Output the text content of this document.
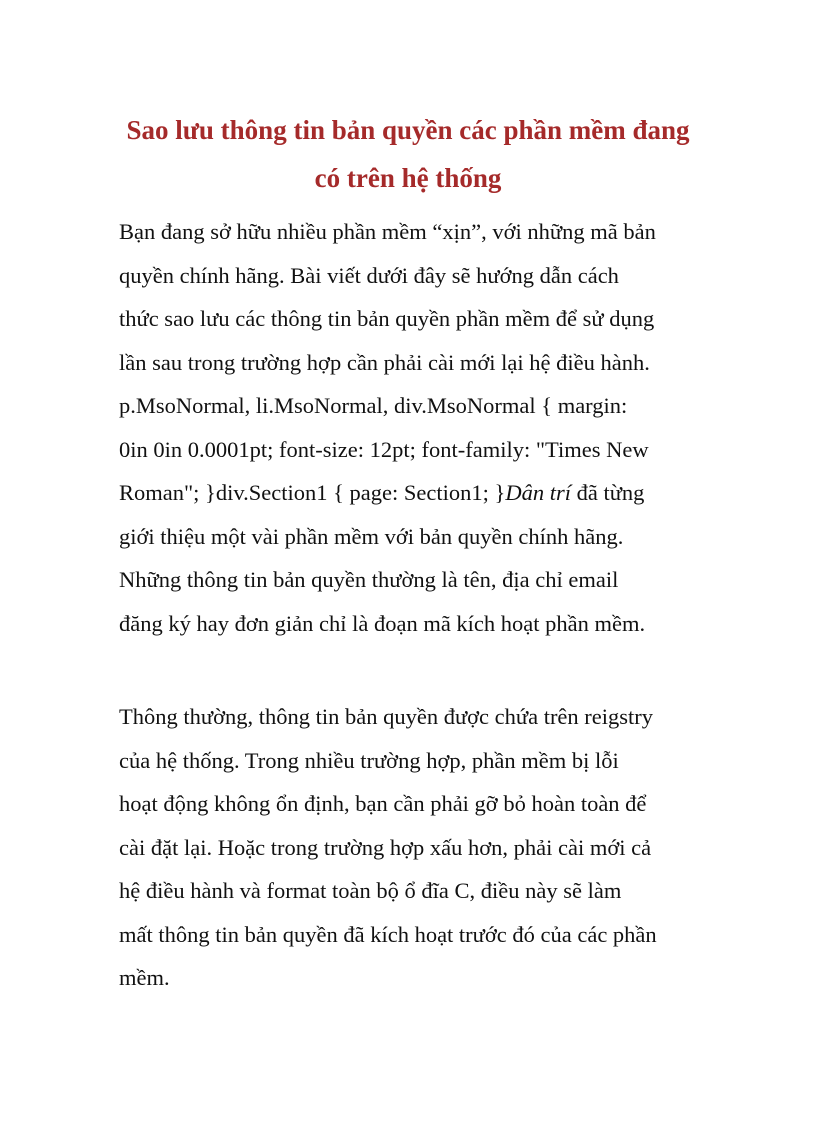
Sao lưu thông tin bản quyền các phần mềm đang
có trên hệ thống
Bạn đang sở hữu nhiều phần mềm “xịn”, với những mã bản
quyền chính hãng. Bài viết dưới đây sẽ hướng dẫn cách
thức sao lưu các thông tin bản quyền phần mềm để sử dụng
lần sau trong trường hợp cần phải cài mới lại hệ điều hành.
p.MsoNormal, li.MsoNormal, div.MsoNormal { margin:
0in 0in 0.0001pt; font-size: 12pt; font-family: "Times New
Roman"; }div.Section1 { page: Section1; }Dân trí đã từng
giới thiệu một vài phần mềm với bản quyền chính hãng.
Những thông tin bản quyền thường là tên, địa chỉ email
đăng ký hay đơn giản chỉ là đoạn mã kích hoạt phần mềm.
Thông thường, thông tin bản quyền được chứa trên reigstry
của hệ thống. Trong nhiều trường hợp, phần mềm bị lỗi
hoạt động không ổn định, bạn cần phải gỡ bỏ hoàn toàn để
cài đặt lại. Hoặc trong trường hợp xấu hơn, phải cài mới cả
hệ điều hành và format toàn bộ ổ đĩa C, điều này sẽ làm
mất thông tin bản quyền đã kích hoạt trước đó của các phần
mềm.
